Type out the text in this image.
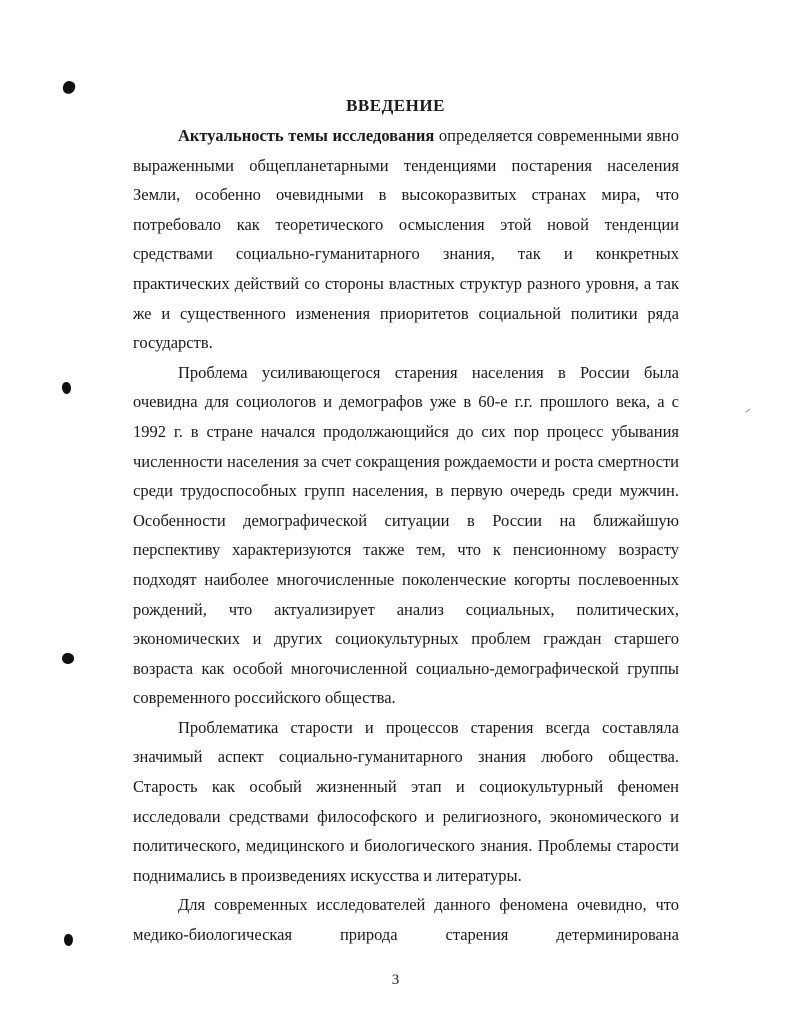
ВВЕДЕНИЕ

Актуальность темы исследования определяется современными явно выраженными общепланетарными тенденциями постарения населения Земли, особенно очевидными в высокоразвитых странах мира, что потребовало как теоретического осмысления этой новой тенденции средствами социально-гуманитарного знания, так и конкретных практических действий со стороны властных структур разного уровня, а так же и существенного изменения приоритетов социальной политики ряда государств.

Проблема усиливающегося старения населения в России была очевидна для социологов и демографов уже в 60-е г.г. прошлого века, а с 1992 г. в стране начался продолжающийся до сих пор процесс убывания численности населения за счет сокращения рождаемости и роста смертности среди трудоспособных групп населения, в первую очередь среди мужчин. Особенности демографической ситуации в России на ближайшую перспективу характеризуются также тем, что к пенсионному возрасту подходят наиболее многочисленные поколенческие когорты послевоенных рождений, что актуализирует анализ социальных, политических, экономических и других социокультурных проблем граждан старшего возраста как особой многочисленной социально-демографической группы современного российского общества.

Проблематика старости и процессов старения всегда составляла значимый аспект социально-гуманитарного знания любого общества. Старость как особый жизненный этап и социокультурный феномен исследовали средствами философского и религиозного, экономического и политического, медицинского и биологического знания. Проблемы старости поднимались в произведениях искусства и литературы.

Для современных исследователей данного феномена очевидно, что медико-биологическая природа старения детерминирована

3
